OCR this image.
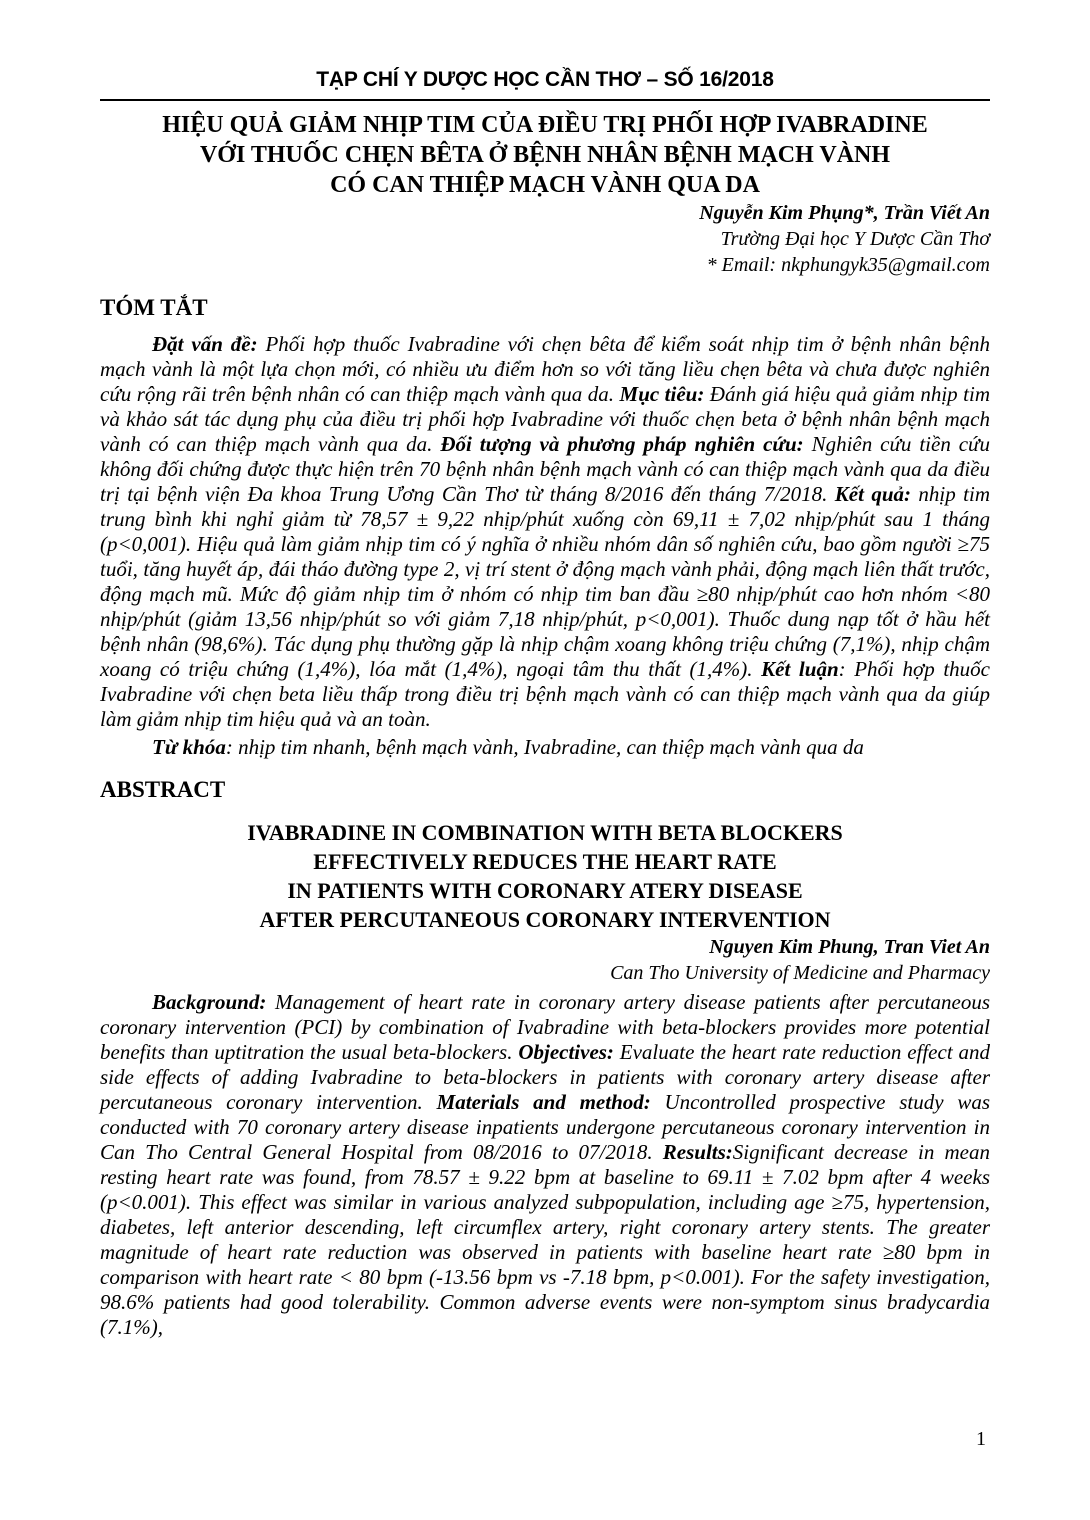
TẠP CHÍ Y DƯỢC HỌC CẦN THƠ – SỐ 16/2018
HIỆU QUẢ GIẢM NHỊP TIM CỦA ĐIỀU TRỊ PHỐI HỢP IVABRADINE
VỚI THUỐC CHẸN BÊTA Ở BỆNH NHÂN BỆNH MẠCH VÀNH
CÓ CAN THIỆP MẠCH VÀNH QUA DA
Nguyễn Kim Phụng*, Trần Viết An
Trường Đại học Y Dược Cần Thơ
* Email: nkphungyk35@gmail.com
TÓM TẮT

Đặt vấn đề: Phối hợp thuốc Ivabradine với chẹn bêta để kiểm soát nhịp tim ở bệnh nhân bệnh mạch vành là một lựa chọn mới, có nhiều ưu điểm hơn so với tăng liều chẹn bêta và chưa được nghiên cứu rộng rãi trên bệnh nhân có can thiệp mạch vành qua da. Mục tiêu: Đánh giá hiệu quả giảm nhịp tim và khảo sát tác dụng phụ của điều trị phối hợp Ivabradine với thuốc chẹn beta ở bệnh nhân bệnh mạch vành có can thiệp mạch vành qua da. Đối tượng và phương pháp nghiên cứu: Nghiên cứu tiền cứu không đối chứng được thực hiện trên 70 bệnh nhân bệnh mạch vành có can thiệp mạch vành qua da điều trị tại bệnh viện Đa khoa Trung Ương Cần Thơ từ tháng 8/2016 đến tháng 7/2018. Kết quả: nhịp tim trung bình khi nghỉ giảm từ 78,57 ± 9,22 nhịp/phút xuống còn 69,11 ± 7,02 nhịp/phút sau 1 tháng (p<0,001). Hiệu quả làm giảm nhịp tim có ý nghĩa ở nhiều nhóm dân số nghiên cứu, bao gồm người ≥75 tuổi, tăng huyết áp, đái tháo đường type 2, vị trí stent ở động mạch vành phải, động mạch liên thất trước, động mạch mũ. Mức độ giảm nhịp tim ở nhóm có nhịp tim ban đầu ≥80 nhịp/phút cao hơn nhóm <80 nhịp/phút (giảm 13,56 nhịp/phút so với giảm 7,18 nhịp/phút, p<0,001). Thuốc dung nạp tốt ở hầu hết bệnh nhân (98,6%). Tác dụng phụ thường gặp là nhịp chậm xoang không triệu chứng (7,1%), nhịp chậm xoang có triệu chứng (1,4%), lóa mắt (1,4%), ngoại tâm thu thất (1,4%). Kết luận: Phối hợp thuốc Ivabradine với chẹn beta liều thấp trong điều trị bệnh mạch vành có can thiệp mạch vành qua da giúp làm giảm nhịp tim hiệu quả và an toàn.

Từ khóa: nhịp tim nhanh, bệnh mạch vành, Ivabradine, can thiệp mạch vành qua da

ABSTRACT
IVABRADINE IN COMBINATION WITH BETA BLOCKERS
EFFECTIVELY REDUCES THE HEART RATE
IN PATIENTS WITH CORONARY ATERY DISEASE
AFTER PERCUTANEOUS CORONARY INTERVENTION
Nguyen Kim Phung, Tran Viet An
Can Tho University of Medicine and Pharmacy

Background: Management of heart rate in coronary artery disease patients after percutaneous coronary intervention (PCI) by combination of Ivabradine with beta-blockers provides more potential benefits than uptitration the usual beta-blockers. Objectives: Evaluate the heart rate reduction effect and side effects of adding Ivabradine to beta-blockers in patients with coronary artery disease after percutaneous coronary intervention. Materials and method: Uncontrolled prospective study was conducted with 70 coronary artery disease inpatients undergone percutaneous coronary intervention in Can Tho Central General Hospital from 08/2016 to 07/2018. Results:Significant decrease in mean resting heart rate was found, from 78.57 ± 9.22 bpm at baseline to 69.11 ± 7.02 bpm after 4 weeks (p<0.001). This effect was similar in various analyzed subpopulation, including age ≥75, hypertension, diabetes, left anterior descending, left circumflex artery, right coronary artery stents. The greater magnitude of heart rate reduction was observed in patients with baseline heart rate ≥80 bpm in comparison with heart rate < 80 bpm (-13.56 bpm vs -7.18 bpm, p<0.001). For the safety investigation, 98.6% patients had good tolerability. Common adverse events were non-symptom sinus bradycardia (7.1%),

1
